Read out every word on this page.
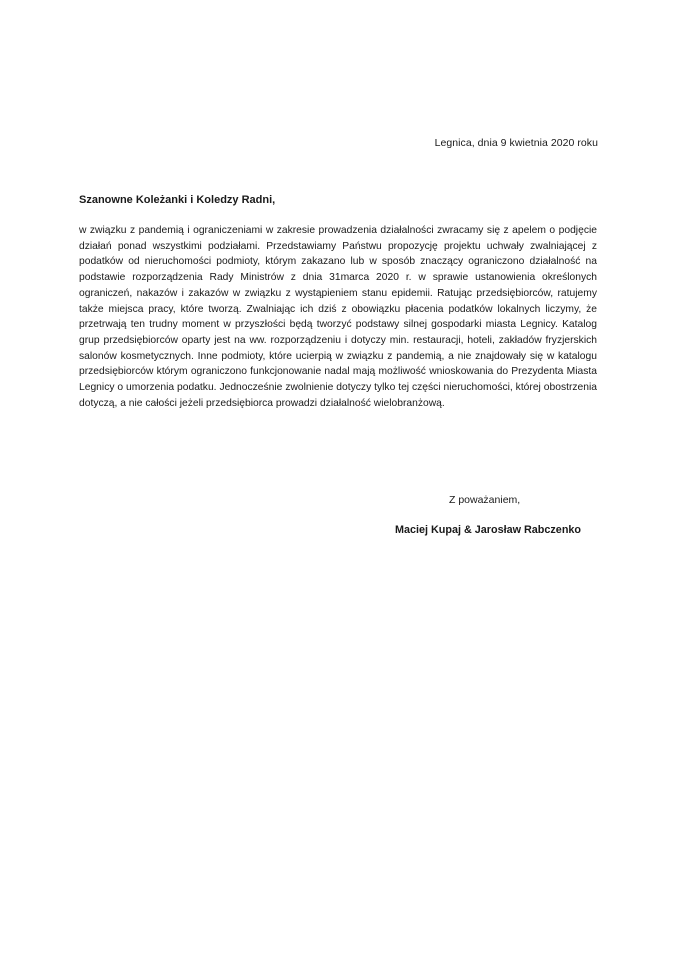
Legnica, dnia 9 kwietnia 2020 roku
Szanowne Koleżanki i Koledzy Radni,

w związku z pandemią i ograniczeniami w zakresie prowadzenia działalności zwracamy się z apelem o podjęcie działań ponad wszystkimi podziałami. Przedstawiamy Państwu propozycję projektu uchwały zwalniającej z podatków od nieruchomości podmioty, którym zakazano lub w sposób znaczący ograniczono działalność na podstawie rozporządzenia Rady Ministrów z dnia 31marca 2020 r. w sprawie ustanowienia określonych ograniczeń, nakazów i zakazów w związku z wystąpieniem stanu epidemii. Ratując przedsiębiorców, ratujemy także miejsca pracy, które tworzą. Zwalniając ich dziś z obowiązku płacenia podatków lokalnych liczymy, że przetrwają ten trudny moment w przyszłości będą tworzyć podstawy silnej gospodarki miasta Legnicy. Katalog grup przedsiębiorców oparty jest na ww. rozporządzeniu i dotyczy min. restauracji, hoteli, zakładów fryzjerskich salonów kosmetycznych. Inne podmioty, które ucierpią w związku z pandemią, a nie znajdowały się w katalogu przedsiębiorców którym ograniczono funkcjonowanie nadal mają możliwość wnioskowania do Prezydenta Miasta Legnicy o umorzenia podatku. Jednocześnie zwolnienie dotyczy tylko tej części nieruchomości, której obostrzenia dotyczą, a nie całości jeżeli przedsiębiorca prowadzi działalność wielobranżową.

Z poważaniem,
Maciej Kupaj & Jarosław Rabczenko
